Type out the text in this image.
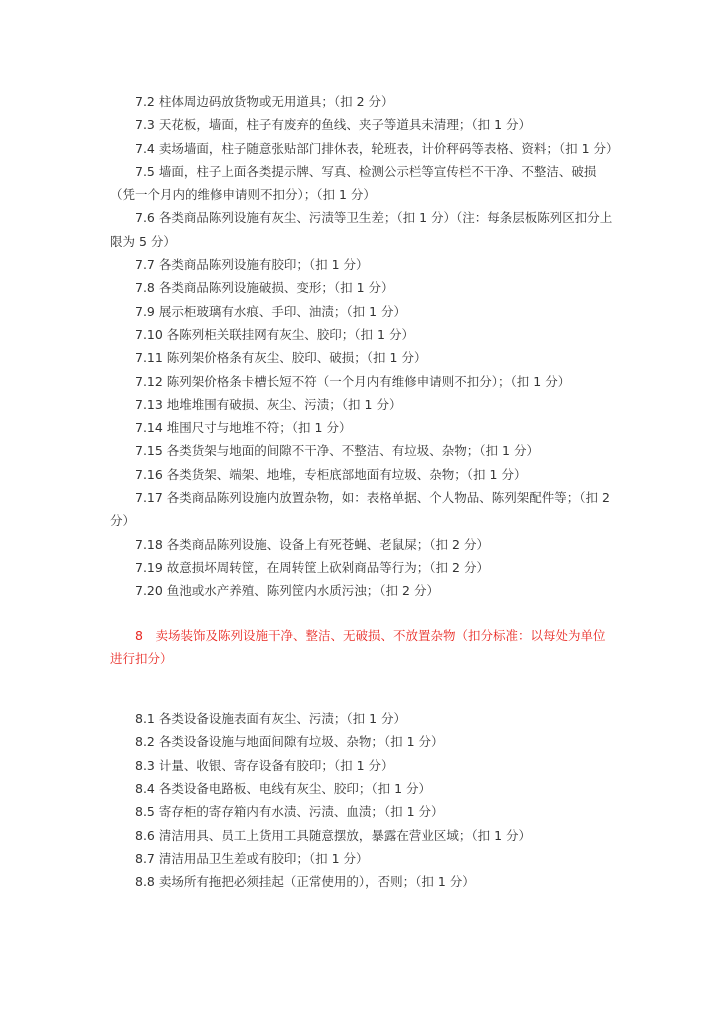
7.2 柱体周边码放货物或无用道具；（扣 2 分）

7.3 天花板，墙面，柱子有废弃的鱼线、夹子等道具未清理；（扣 1 分）

7.4 卖场墙面，柱子随意张贴部门排休表，轮班表，计价秤码等表格、资料；（扣 1 分）

7.5 墙面，柱子上面各类提示牌、写真、检测公示栏等宣传栏不干净、不整洁、破损（凭一个月内的维修申请则不扣分）；（扣 1 分）

7.6 各类商品陈列设施有灰尘、污渍等卫生差；（扣 1 分）（注：每条层板陈列区扣分上限为 5 分）

7.7 各类商品陈列设施有胶印；（扣 1 分）

7.8 各类商品陈列设施破损、变形；（扣 1 分）

7.9 展示柜玻璃有水痕、手印、油渍；（扣 1 分）

7.10 各陈列柜关联挂网有灰尘、胶印；（扣 1 分）

7.11 陈列架价格条有灰尘、胶印、破损；（扣 1 分）

7.12 陈列架价格条卡槽长短不符（一个月内有维修申请则不扣分）；（扣 1 分）

7.13 地堆堆围有破损、灰尘、污渍；（扣 1 分）

7.14 堆围尺寸与地堆不符；（扣 1 分）

7.15 各类货架与地面的间隙不干净、不整洁、有垃圾、杂物；（扣 1 分）

7.16 各类货架、端架、地堆，专柜底部地面有垃圾、杂物；（扣 1 分）

7.17 各类商品陈列设施内放置杂物，如：表格单据、个人物品、陈列架配件等；（扣 2 分）

7.18 各类商品陈列设施、设备上有死苍蝇、老鼠屎；（扣 2 分）

7.19 故意损坏周转筐，在周转筐上砍剁商品等行为；（扣 2 分）

7.20 鱼池或水产养殖、陈列筐内水质污浊；（扣 2 分）

8　卖场装饰及陈列设施干净、整洁、无破损、不放置杂物（扣分标准：以每处为单位进行扣分）

8.1 各类设备设施表面有灰尘、污渍；（扣 1 分）

8.2 各类设备设施与地面间隙有垃圾、杂物；（扣 1 分）

8.3 计量、收银、寄存设备有胶印；（扣 1 分）

8.4 各类设备电路板、电线有灰尘、胶印；（扣 1 分）

8.5 寄存柜的寄存箱内有水渍、污渍、血渍；（扣 1 分）

8.6 清洁用具、员工上货用工具随意摆放，暴露在营业区域；（扣 1 分）

8.7 清洁用品卫生差或有胶印；（扣 1 分）

8.8 卖场所有拖把必须挂起（正常使用的），否则；（扣 1 分）
